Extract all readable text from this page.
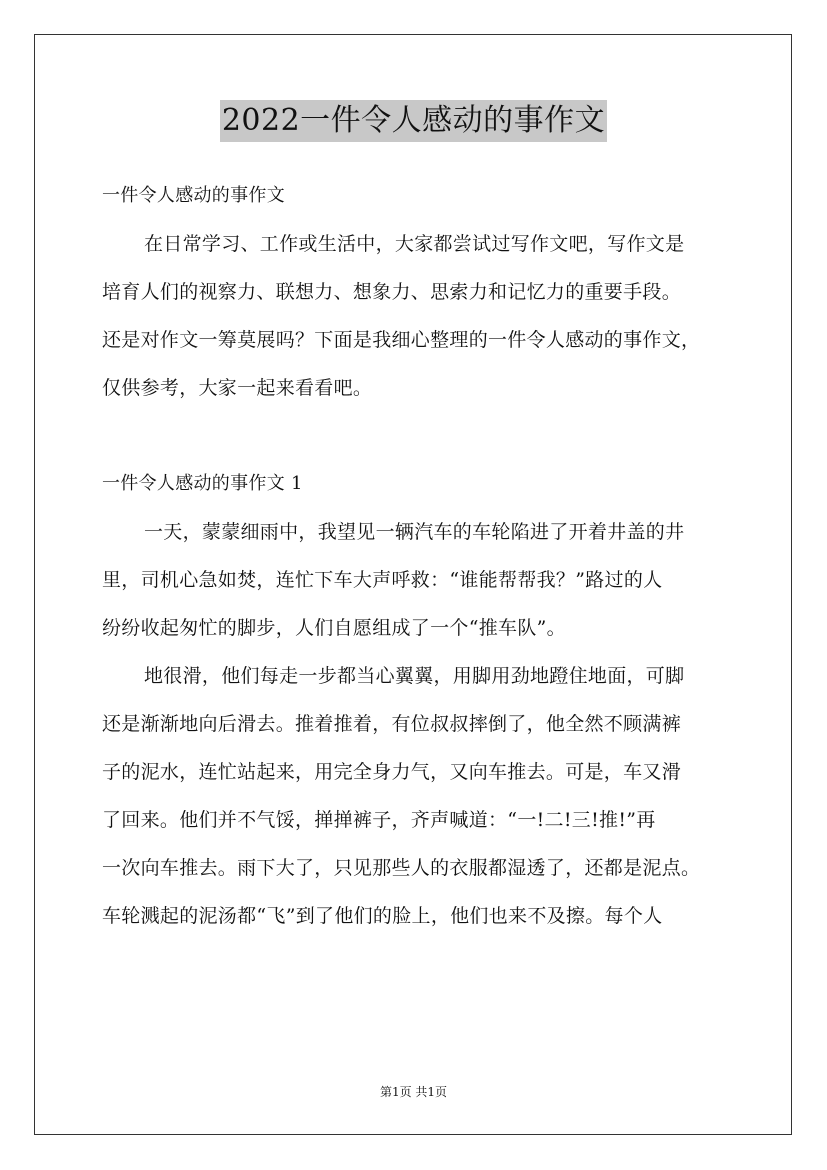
2022一件令人感动的事作文
一件令人感动的事作文
在日常学习、工作或生活中，大家都尝试过写作文吧，写作文是
培育人们的视察力、联想力、想象力、思索力和记忆力的重要手段。
还是对作文一筹莫展吗？下面是我细心整理的一件令人感动的事作文，
仅供参考，大家一起来看看吧。
一件令人感动的事作文 1
一天，蒙蒙细雨中，我望见一辆汽车的车轮陷进了开着井盖的井
里，司机心急如焚，连忙下车大声呼救：“谁能帮帮我？”路过的人
纷纷收起匆忙的脚步，人们自愿组成了一个“推车队”。
地很滑，他们每走一步都当心翼翼，用脚用劲地蹬住地面，可脚
还是渐渐地向后滑去。推着推着，有位叔叔摔倒了，他全然不顾满裤
子的泥水，连忙站起来，用完全身力气，又向车推去。可是，车又滑
了回来。他们并不气馁，掸掸裤子，齐声喊道：“一!二!三!推!”再
一次向车推去。雨下大了，只见那些人的衣服都湿透了，还都是泥点。
车轮溅起的泥汤都“飞”到了他们的脸上，他们也来不及擦。每个人
第1页 共1页
